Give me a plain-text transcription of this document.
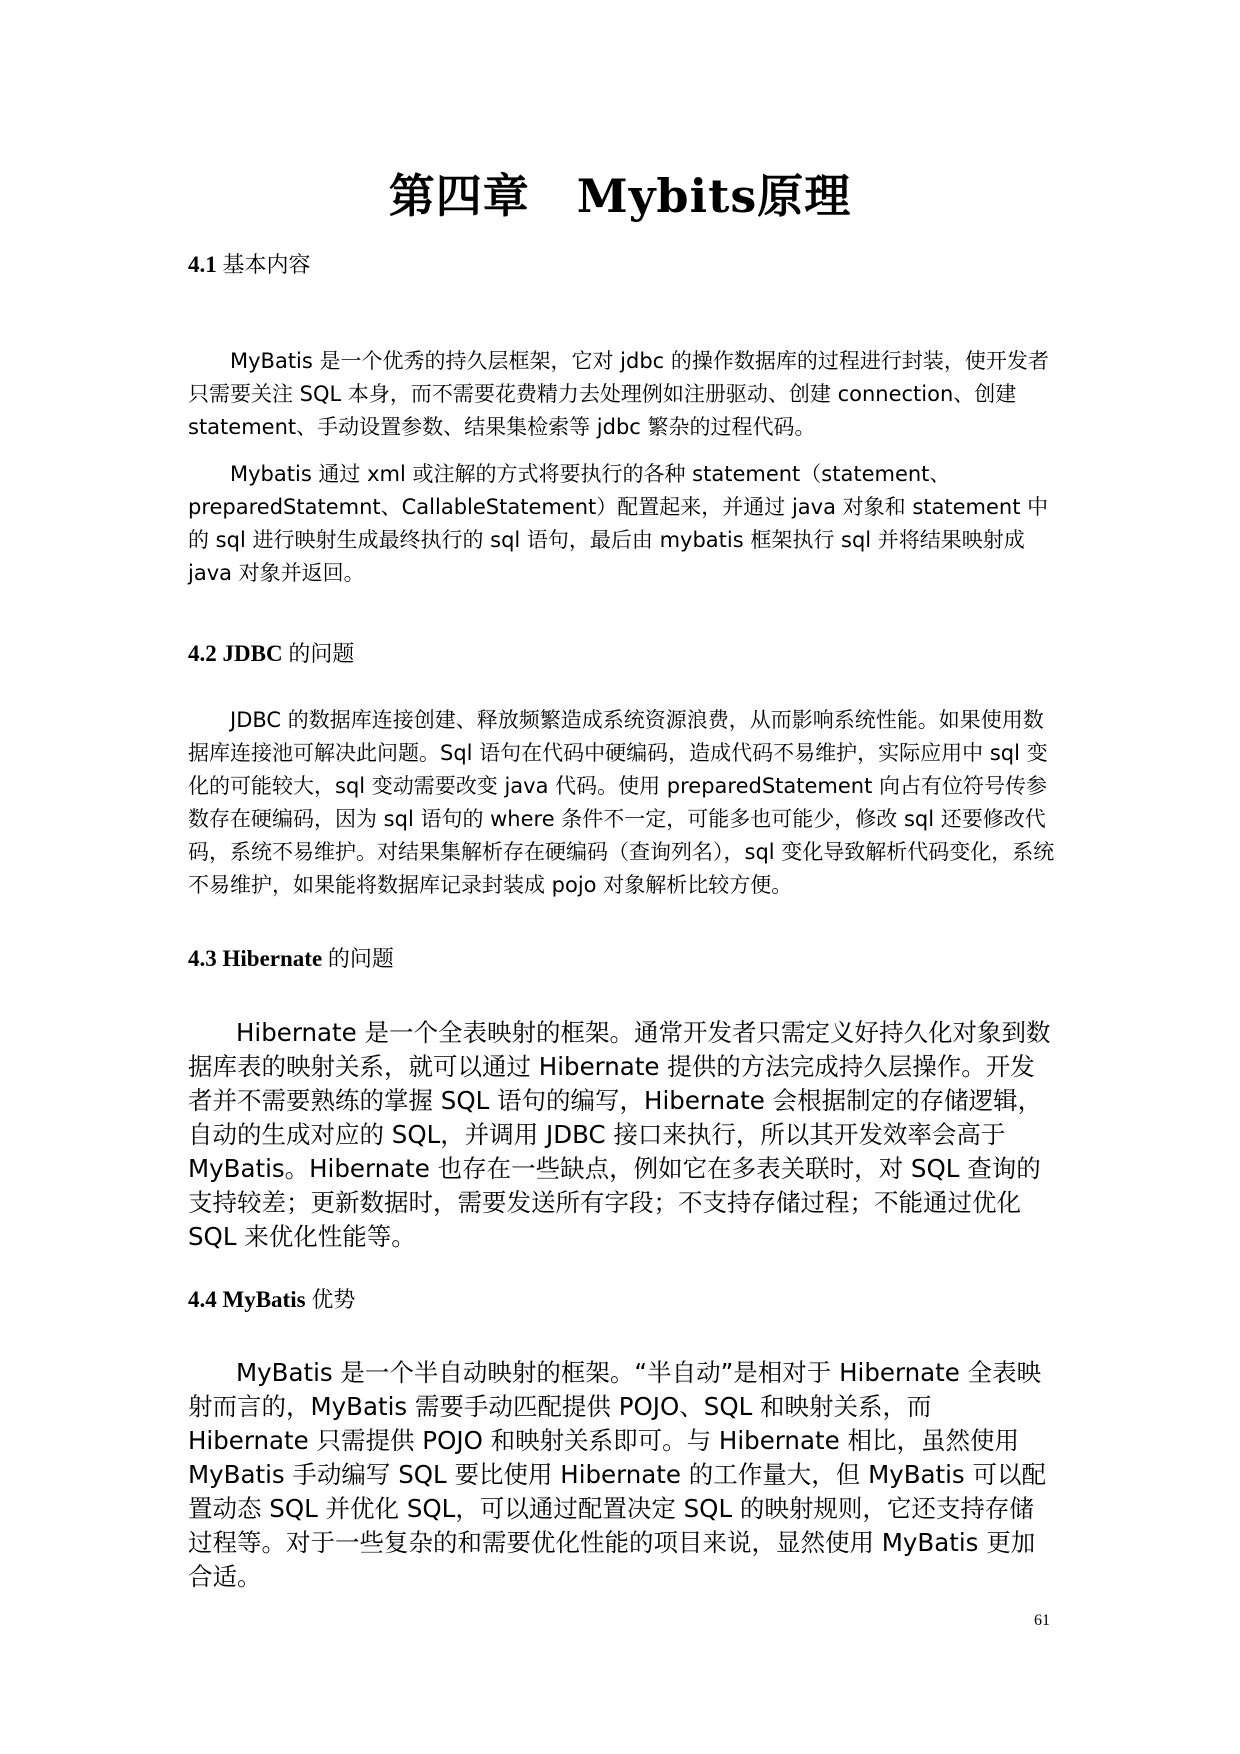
第四章　Mybits原理
4.1 基本内容

MyBatis 是一个优秀的持久层框架，它对 jdbc 的操作数据库的过程进行封装，使开发者只需要关注 SQL 本身，而不需要花费精力去处理例如注册驱动、创建 connection、创建 statement、手动设置参数、结果集检索等 jdbc 繁杂的过程代码。

Mybatis 通过 xml 或注解的方式将要执行的各种 statement（statement、preparedStatemnt、CallableStatement）配置起来，并通过 java 对象和 statement 中的 sql 进行映射生成最终执行的 sql 语句，最后由 mybatis 框架执行 sql 并将结果映射成 java 对象并返回。

4.2 JDBC 的问题

JDBC 的数据库连接创建、释放频繁造成系统资源浪费，从而影响系统性能。如果使用数据库连接池可解决此问题。Sql 语句在代码中硬编码，造成代码不易维护，实际应用中 sql 变化的可能较大，sql 变动需要改变 java 代码。使用 preparedStatement 向占有位符号传参数存在硬编码，因为 sql 语句的 where 条件不一定，可能多也可能少，修改 sql 还要修改代码，系统不易维护。对结果集解析存在硬编码（查询列名），sql 变化导致解析代码变化，系统不易维护，如果能将数据库记录封装成 pojo 对象解析比较方便。

4.3 Hibernate 的问题

Hibernate 是一个全表映射的框架。通常开发者只需定义好持久化对象到数据库表的映射关系，就可以通过 Hibernate 提供的方法完成持久层操作。开发者并不需要熟练的掌握 SQL 语句的编写，Hibernate 会根据制定的存储逻辑，自动的生成对应的 SQL，并调用 JDBC 接口来执行，所以其开发效率会高于 MyBatis。Hibernate 也存在一些缺点，例如它在多表关联时，对 SQL 查询的支持较差；更新数据时，需要发送所有字段；不支持存储过程；不能通过优化 SQL 来优化性能等。

4.4 MyBatis 优势

MyBatis 是一个半自动映射的框架。“半自动”是相对于 Hibernate 全表映射而言的，MyBatis 需要手动匹配提供 POJO、SQL 和映射关系，而 Hibernate 只需提供 POJO 和映射关系即可。与 Hibernate 相比，虽然使用 MyBatis 手动编写 SQL 要比使用 Hibernate 的工作量大，但 MyBatis 可以配置动态 SQL 并优化 SQL，可以通过配置决定 SQL 的映射规则，它还支持存储过程等。对于一些复杂的和需要优化性能的项目来说，显然使用 MyBatis 更加合适。

61
